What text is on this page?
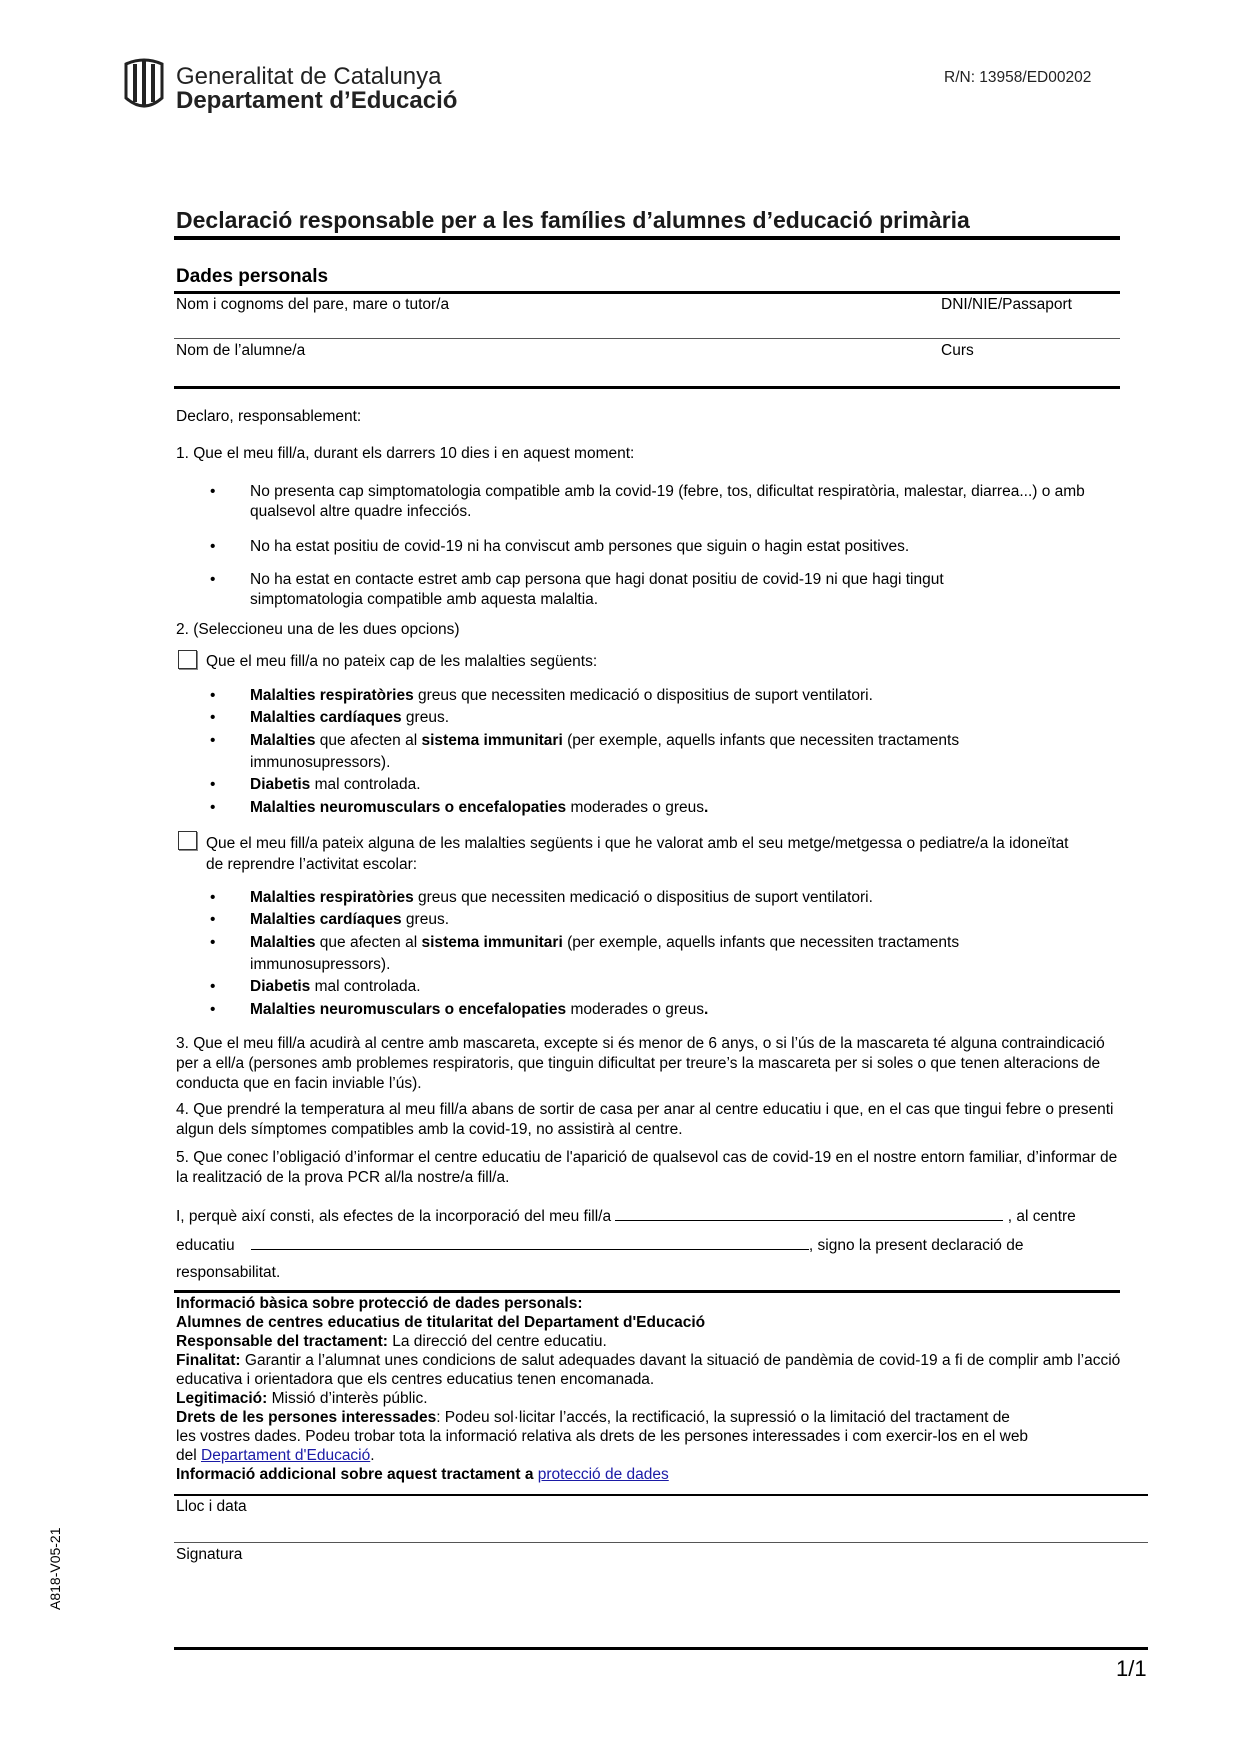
Generalitat de Catalunya
Departament d’Educació
R/N: 13958/ED00202
Declaració responsable per a les famílies d’alumnes d’educació primària
Dades personals
Nom i cognoms del pare, mare o tutor/a	DNI/NIE/Passaport
Nom de l’alumne/a	Curs
Declaro, responsablement:
1. Que el meu fill/a, durant els darrers 10 dies i en aquest moment:
• No presenta cap simptomatologia compatible amb la covid-19 (febre, tos, dificultat respiratòria, malestar, diarrea...) o amb qualsevol altre quadre infecciós.
• No ha estat positiu de covid-19 ni ha conviscut amb persones que siguin o hagin estat positives.
• No ha estat en contacte estret amb cap persona que hagi donat positiu de covid-19 ni que hagi tingut simptomatologia compatible amb aquesta malaltia.
2. (Seleccioneu una de les dues opcions)
Que el meu fill/a no pateix cap de les malalties següents:
• Malalties respiratòries greus que necessiten medicació o dispositius de suport ventilatori.
• Malalties cardíaques greus.
• Malalties que afecten al sistema immunitari (per exemple, aquells infants que necessiten tractaments immunosupressors).
• Diabetis mal controlada.
• Malalties neuromusculars o encefalopaties moderades o greus.
Que el meu fill/a pateix alguna de les malalties següents i que he valorat amb el seu metge/metgessa o pediatre/a la idoneïtat de reprendre l’activitat escolar:
• Malalties respiratòries greus que necessiten medicació o dispositius de suport ventilatori.
• Malalties cardíaques greus.
• Malalties que afecten al sistema immunitari (per exemple, aquells infants que necessiten tractaments immunosupressors).
• Diabetis mal controlada.
• Malalties neuromusculars o encefalopaties moderades o greus.
3. Que el meu fill/a acudirà al centre amb mascareta, excepte si és menor de 6 anys, o si l’ús de la mascareta té alguna contraindicació per a ell/a (persones amb problemes respiratoris, que tinguin dificultat per treure’s la mascareta per si soles o que tenen alteracions de conducta que en facin inviable l’ús).
4. Que prendré la temperatura al meu fill/a abans de sortir de casa per anar al centre educatiu i que, en el cas que tingui febre o presenti algun dels símptomes compatibles amb la covid-19, no assistirà al centre.
5. Que conec l’obligació d’informar el centre educatiu de l'aparició de qualsevol cas de covid-19 en el nostre entorn familiar, d’informar de la realització de la prova PCR al/la nostre/a fill/a.
I, perquè així consti, als efectes de la incorporació del meu fill/a	, al centre
educatiu	, signo la present declaració de
responsabilitat.
Informació bàsica sobre protecció de dades personals:
Alumnes de centres educatius de titularitat del Departament d'Educació
Responsable del tractament: La direcció del centre educatiu.
Finalitat: Garantir a l’alumnat unes condicions de salut adequades davant la situació de pandèmia de covid-19 a fi de complir amb l’acció educativa i orientadora que els centres educatius tenen encomanada.
Legitimació: Missió d’interès públic.
Drets de les persones interessades: Podeu sol·licitar l’accés, la rectificació, la supressió o la limitació del tractament de
les vostres dades. Podeu trobar tota la informació relativa als drets de les persones interessades i com exercir-los en el web
del Departament d'Educació.
Informació addicional sobre aquest tractament a protecció de dades
Lloc i data
Signatura
A818-V05-21
1/1
